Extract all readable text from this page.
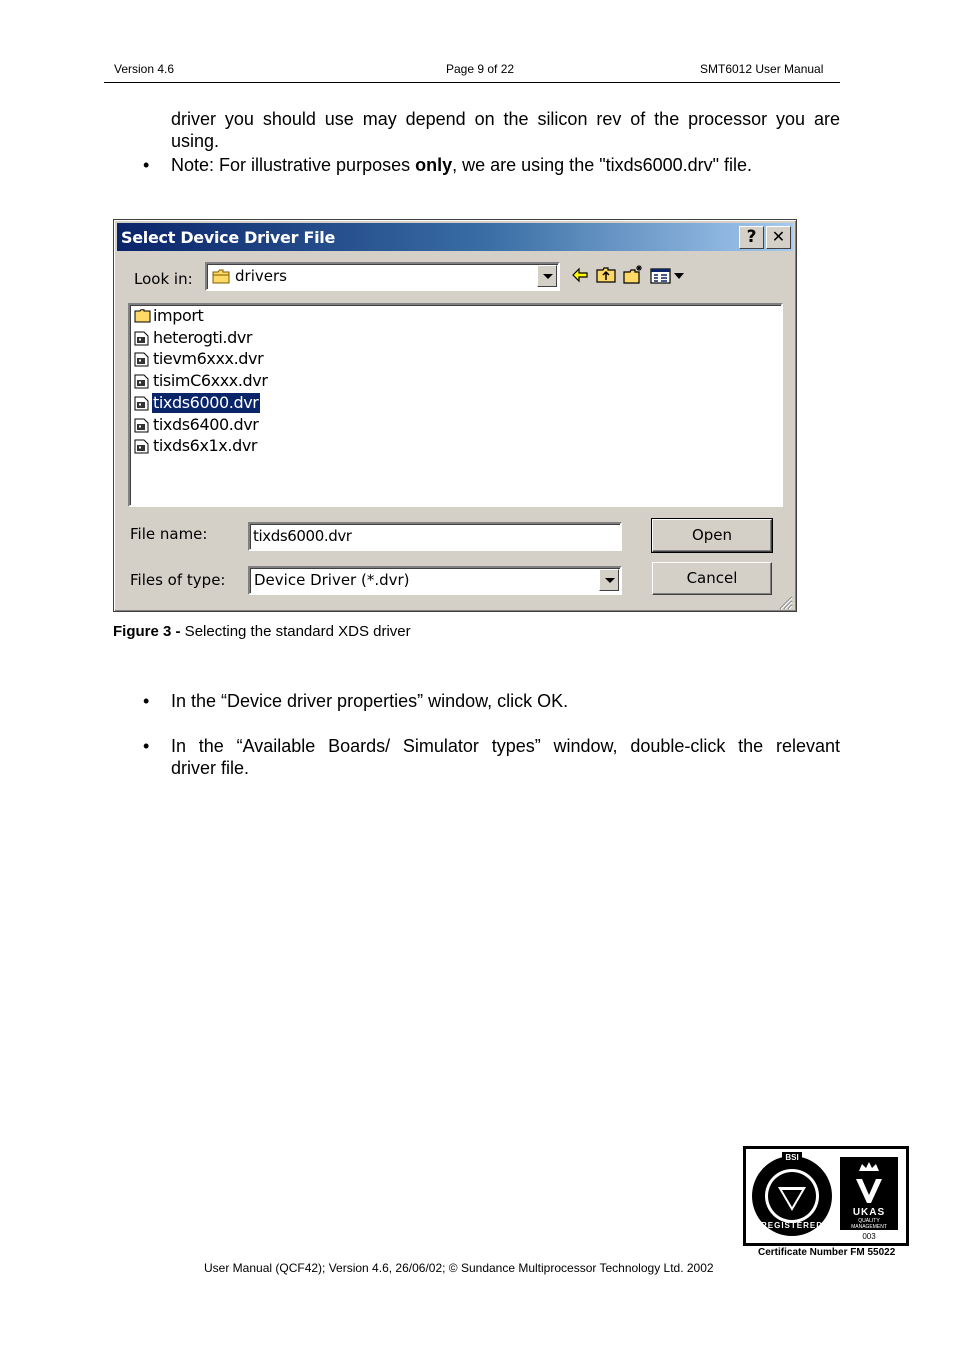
Version 4.6	Page 9 of 22	SMT6012 User Manual
driver you should use may depend on the silicon rev of the processor you are
using.
• Note: For illustrative purposes only, we are using the "tixds6000.drv" file.
Select Device Driver File	? ✕
Look in:	drivers
import
heterogti.dvr
tievm6xxx.dvr
tisimC6xxx.dvr
tixds6000.dvr
tixds6400.dvr
tixds6x1x.dvr
File name:	tixds6000.dvr
Files of type: Device Driver (*.dvr)
Open
Cancel
Figure 3 - Selecting the standard XDS driver
• In the “Device driver properties” window, click OK.
• In the “Available Boards/ Simulator types” window, double-click the relevant
driver file.
BSI
REGISTERED
UKAS
QUALITY
MANAGEMENT
003
Certificate Number FM 55022
User Manual (QCF42); Version 4.6, 26/06/02; © Sundance Multiprocessor Technology Ltd. 2002
